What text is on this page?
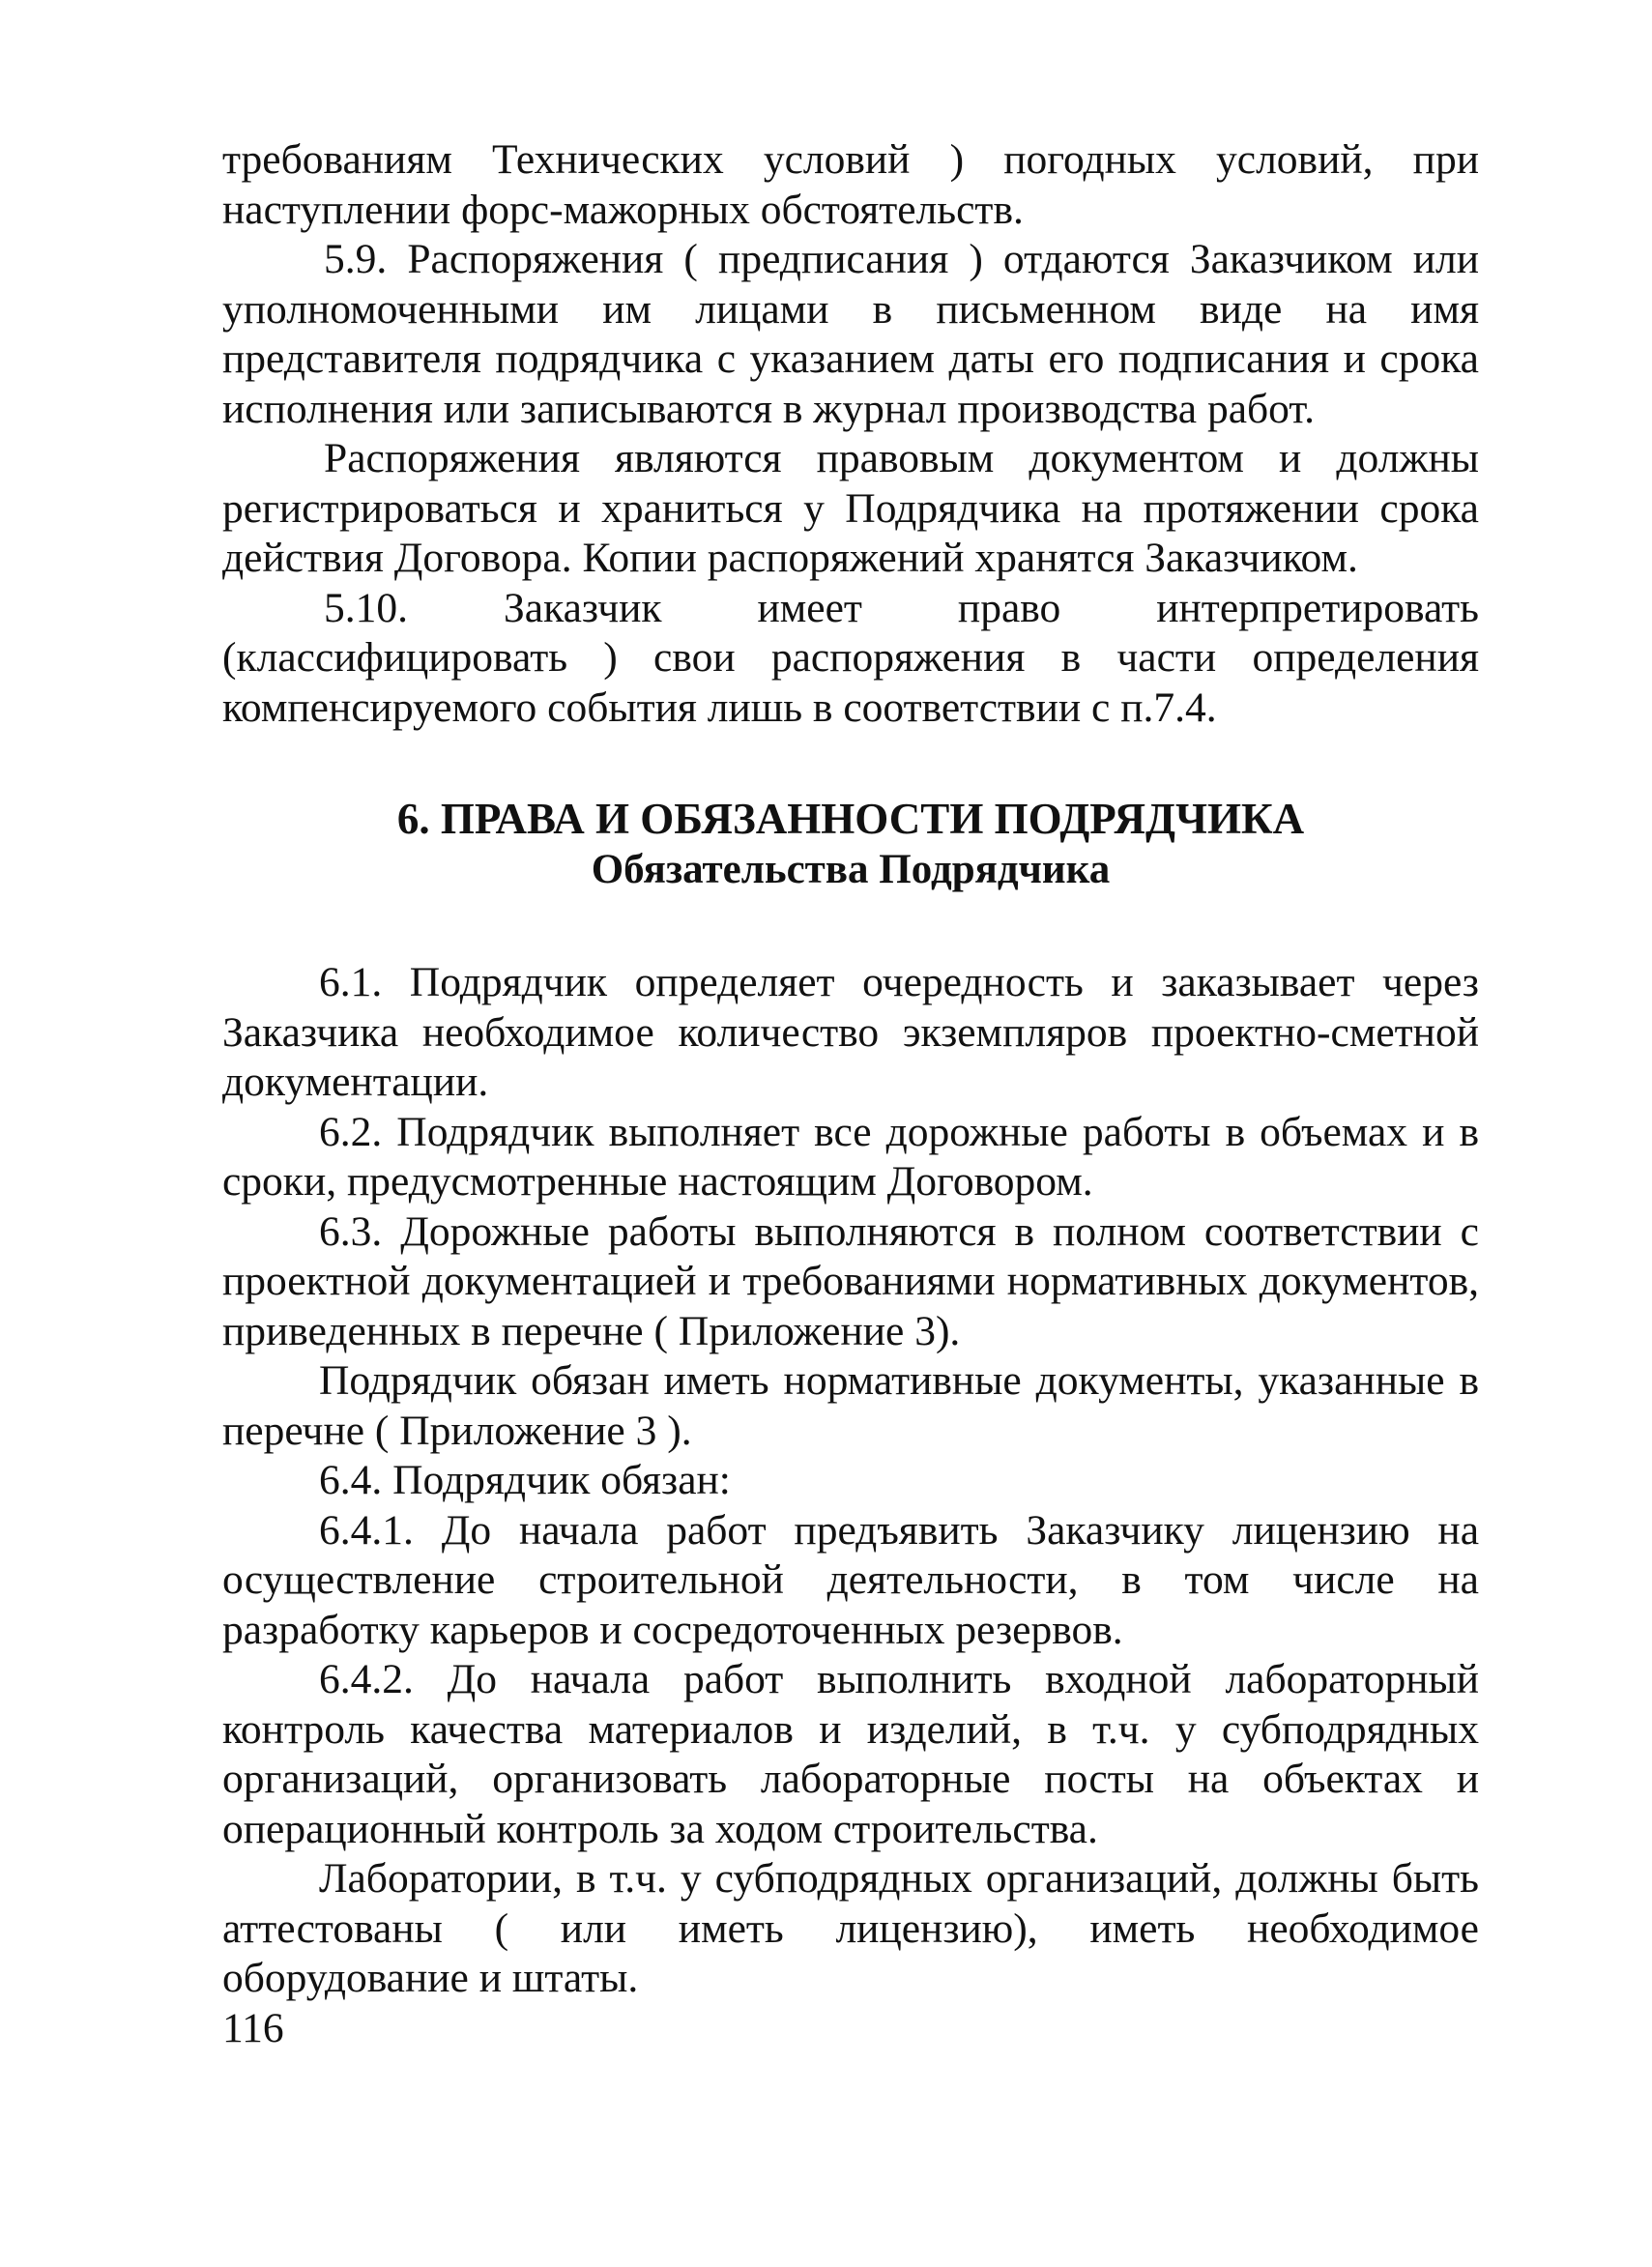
требованиям Технических условий ) погодных условий, при наступлении форс-мажорных обстоятельств.

5.9. Распоряжения ( предписания ) отдаются Заказчиком или уполномоченными им лицами в письменном виде на имя представителя подрядчика с указанием даты его подписания и срока исполнения или записываются в журнал производства работ.

Распоряжения являются правовым документом и должны регистрироваться и храниться у Подрядчика на протяжении срока действия Договора. Копии распоряжений хранятся Заказчиком.

5.10. Заказчик имеет право интерпретировать (классифицировать ) свои распоряжения в части определения компенсируемого события лишь в соответствии с п.7.4.

6. ПРАВА И ОБЯЗАННОСТИ ПОДРЯДЧИКА

Обязательства Подрядчика

6.1. Подрядчик определяет очередность и заказывает через Заказчика необходимое количество экземпляров проектно-сметной документации.

6.2. Подрядчик выполняет все дорожные работы в объемах и в сроки, предусмотренные настоящим Договором.

6.3. Дорожные работы выполняются в полном соответствии с проектной документацией и требованиями нормативных документов, приведенных в перечне ( Приложение 3).

Подрядчик обязан иметь нормативные документы, указанные в перечне ( Приложение 3 ).

6.4. Подрядчик обязан:

6.4.1. До начала работ предъявить Заказчику лицензию на осуществление строительной деятельности, в том числе на разработку карьеров и сосредоточенных резервов.

6.4.2. До начала работ выполнить входной лабораторный контроль качества материалов и изделий, в т.ч. у субподрядных организаций, организовать лабораторные посты на объектах и операционный контроль за ходом строительства.

Лаборатории, в т.ч. у субподрядных организаций, должны быть аттестованы ( или иметь лицензию), иметь необходимое оборудование и штаты.

116
